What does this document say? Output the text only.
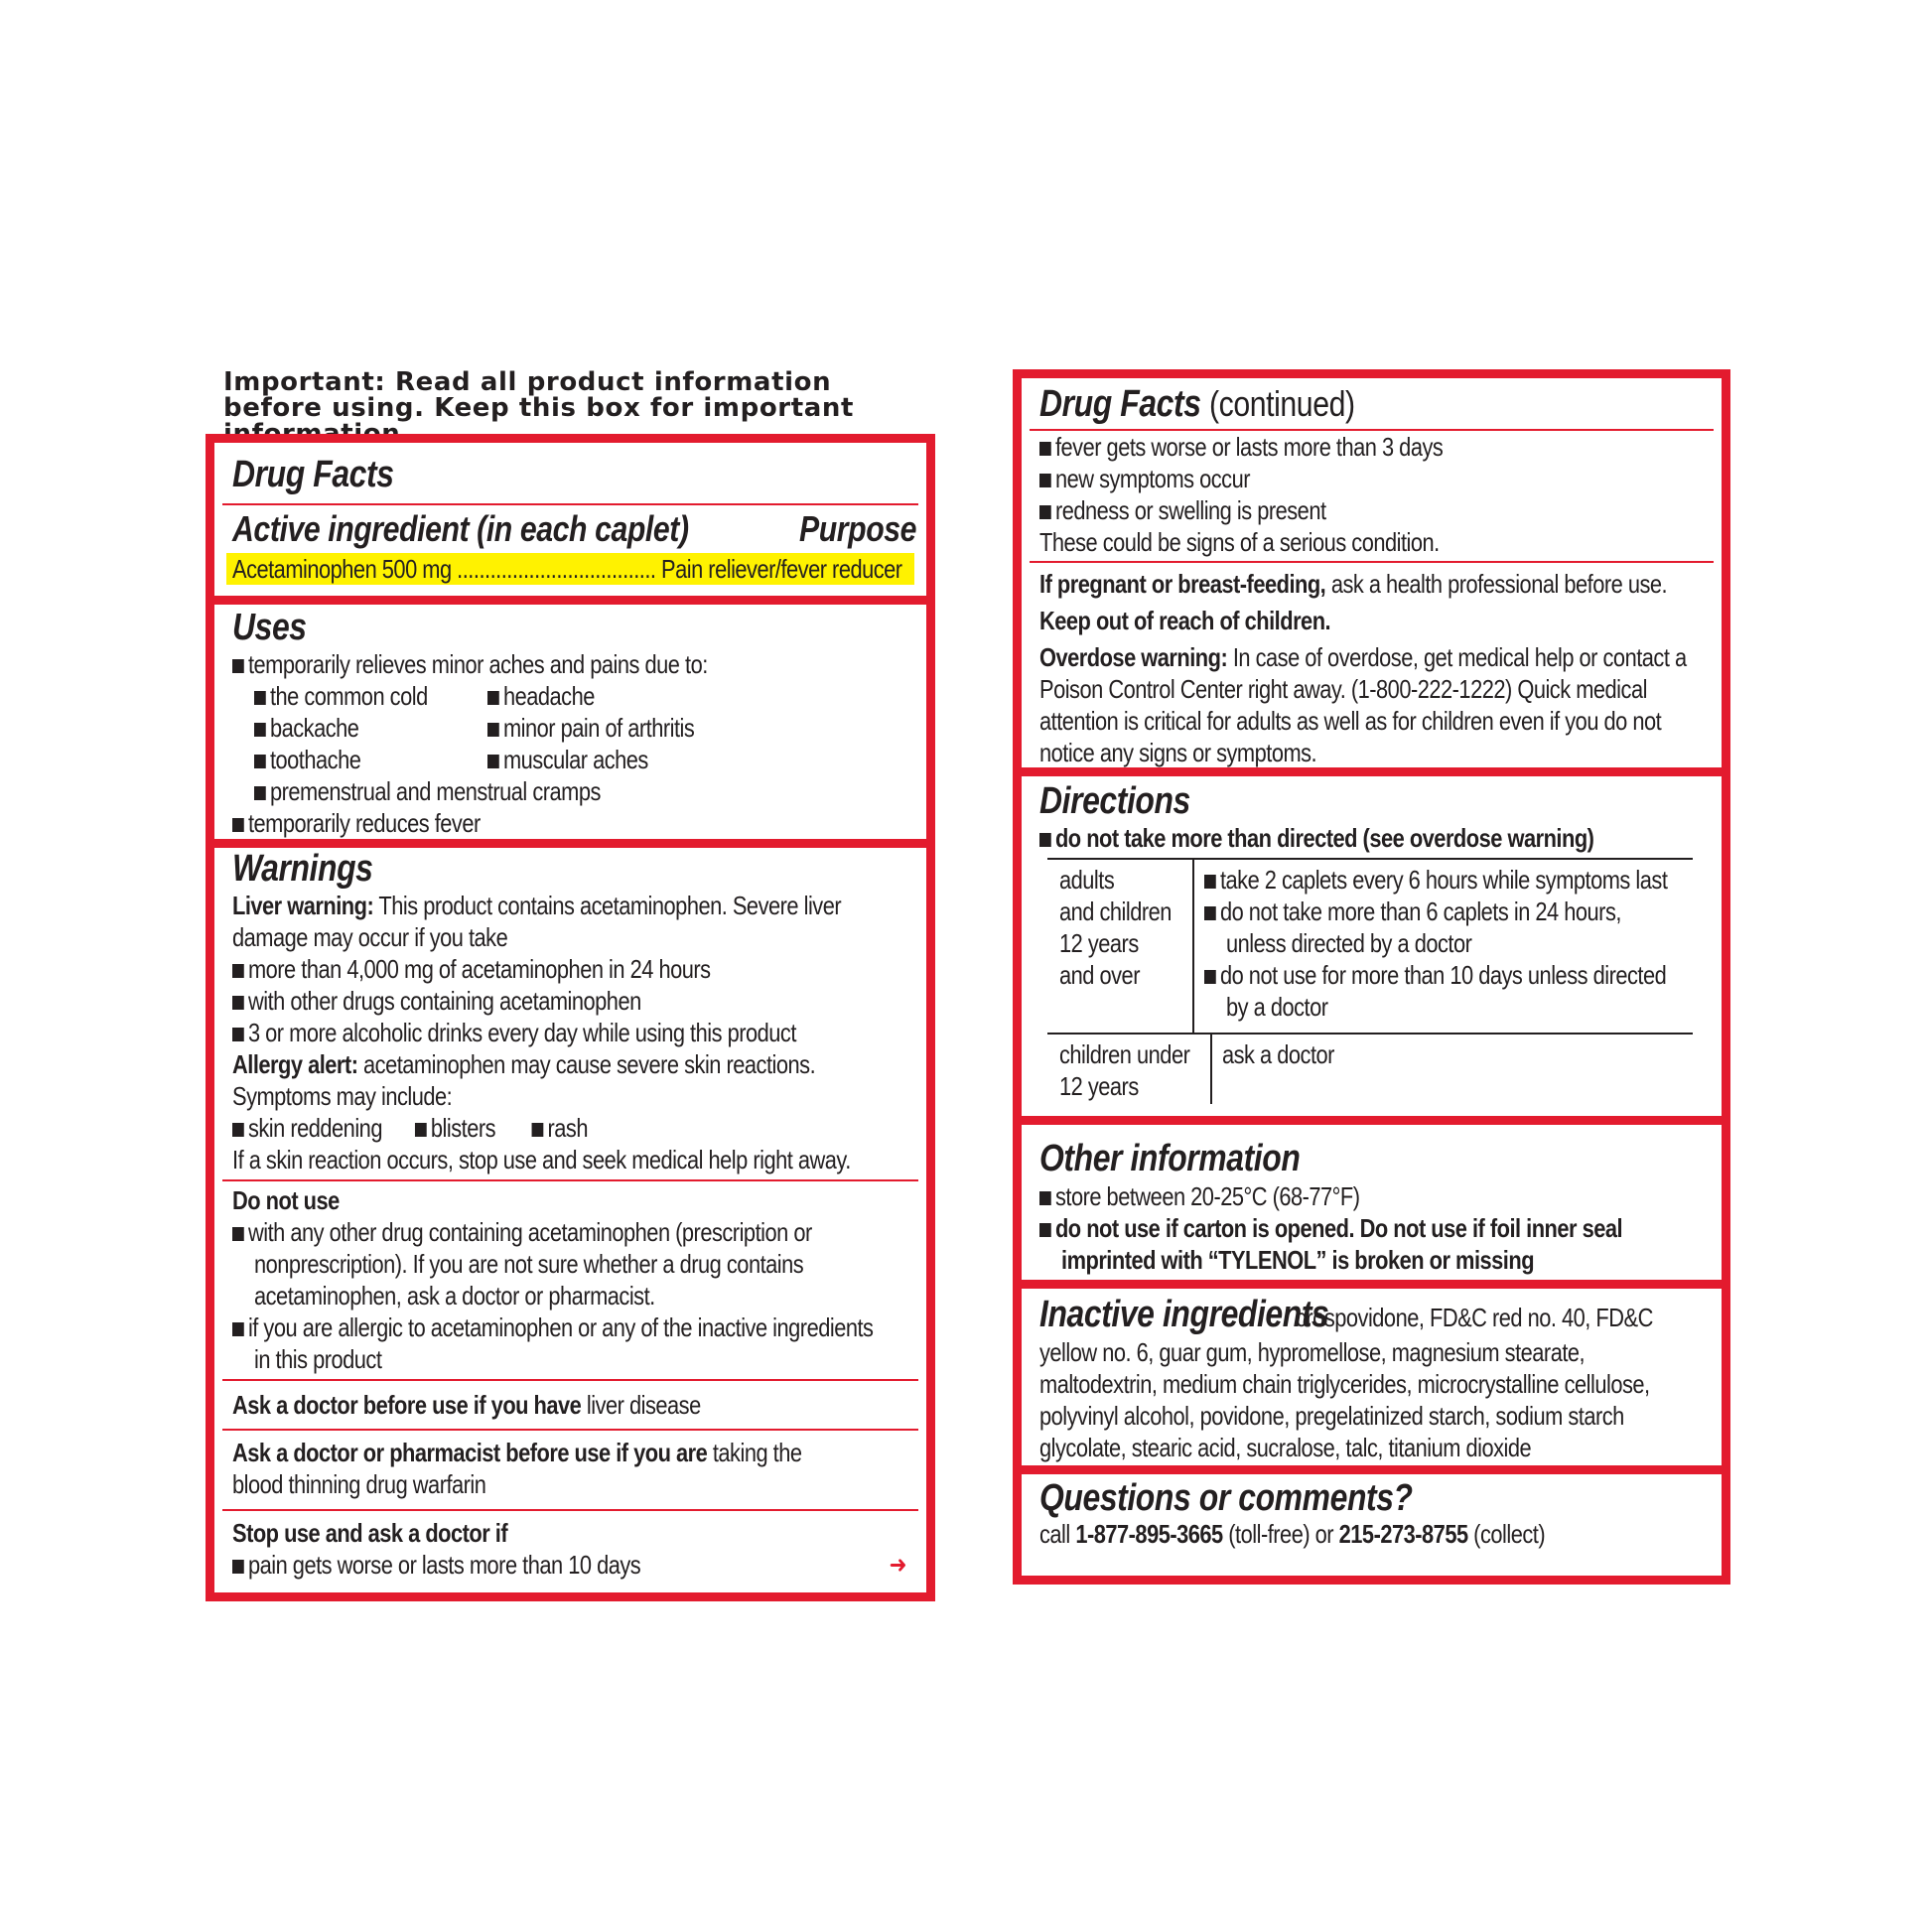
Important: Read all product information before using. Keep this box for important
Drug Facts
Active ingredient (in each caplet)	Purpose
Acetaminophen 500 mg .................................... Pain reliever/fever reducer
Uses
temporarily relieves minor aches and pains due to:
the common cold
backache
toothache
headache
minor pain of arthritis
muscular aches
premenstrual and menstrual cramps
temporarily reduces fever
Warnings
Liver warning: This product contains acetaminophen. Severe liver
damage may occur if you take
more than 4,000 mg of acetaminophen in 24 hours
with other drugs containing acetaminophen
3 or more alcoholic drinks every day while using this product
Allergy alert: acetaminophen may cause severe skin reactions.
Symptoms may include:
skin reddening blisters rash
If a skin reaction occurs, stop use and seek medical help right away.
Do not use
with any other drug containing acetaminophen (prescription or
nonprescription). If you are not sure whether a drug contains
acetaminophen, ask a doctor or pharmacist.
if you are allergic to acetaminophen or any of the inactive ingredients
in this product
Ask a doctor before use if you have liver disease
Ask a doctor or pharmacist before use if you are taking the
blood thinning drug warfarin
Stop use and ask a doctor if
pain gets worse or lasts more than 10 days	➜
Drug Facts (continued)
fever gets worse or lasts more than 3 days
new symptoms occur
redness or swelling is present
These could be signs of a serious condition.
If pregnant or breast-feeding, ask a health professional before use.
Keep out of reach of children.
Overdose warning: In case of overdose, get medical help or contact a
Poison Control Center right away. (1-800-222-1222) Quick medical
attention is critical for adults as well as for children even if you do not
notice any signs or symptoms.
Directions
do not take more than directed (see overdose warning)
adults
and children
12 years
and over
take 2 caplets every 6 hours while symptoms last
do not take more than 6 caplets in 24 hours,
unless directed by a doctor
do not use for more than 10 days unless directed
by a doctor
children under
12 years
ask a doctor
Other information
store between 20-25°C (68-77°F)
do not use if carton is opened. Do not use if foil inner seal
imprinted with “TYLENOL” is broken or missing
Inactive ingredients
crospovidone, FD&C red no. 40, FD&C
yellow no. 6, guar gum, hypromellose, magnesium stearate,
maltodextrin, medium chain triglycerides, microcrystalline cellulose,
polyvinyl alcohol, povidone, pregelatinized starch, sodium starch
glycolate, stearic acid, sucralose, talc, titanium dioxide
Questions or comments?
call 1-877-895-3665 (toll-free) or 215-273-8755 (collect)
